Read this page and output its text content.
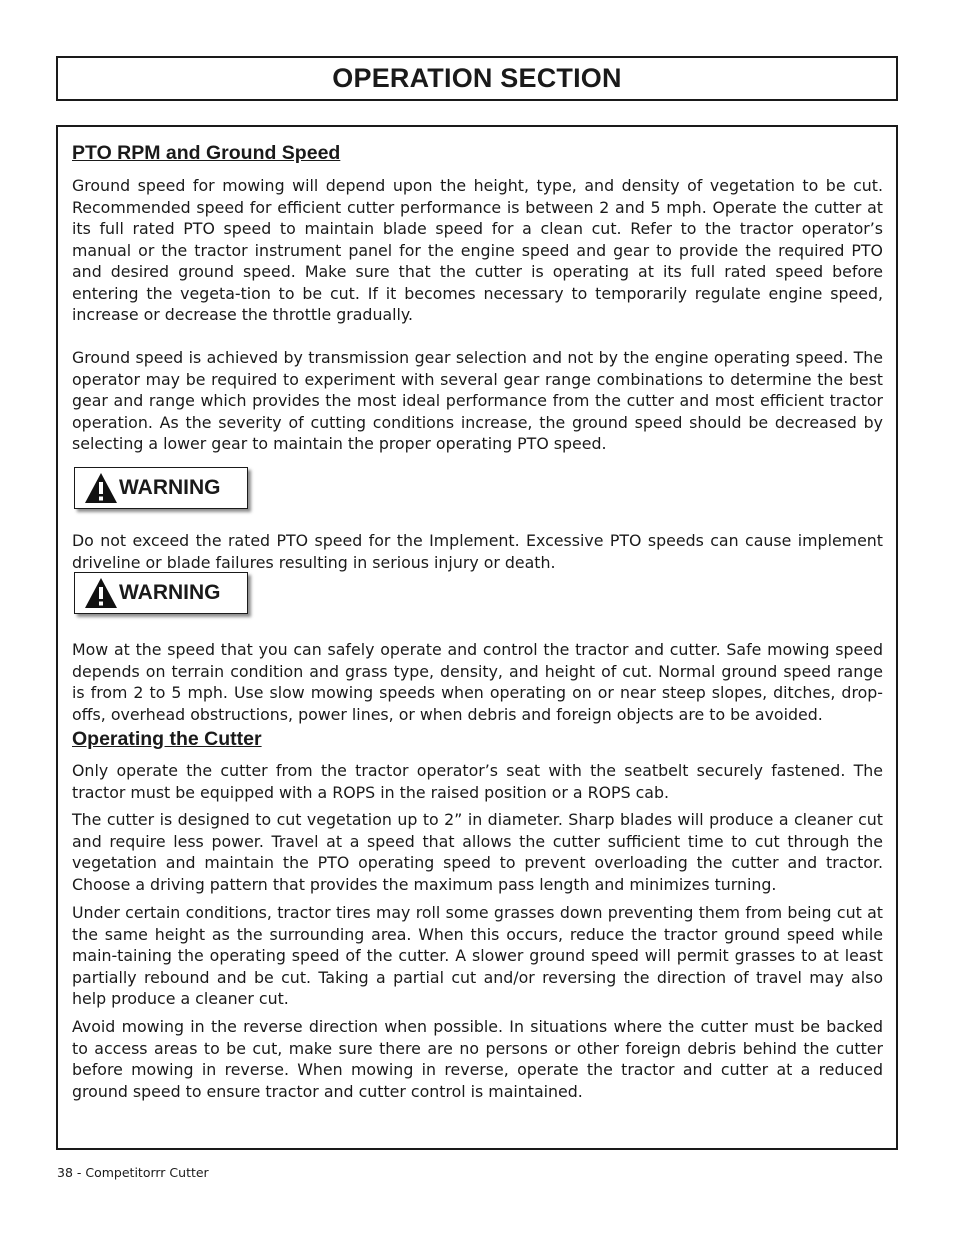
OPERATION SECTION
PTO RPM and Ground Speed

Ground speed for mowing will depend upon the height, type, and density of vegetation to be cut. Recommended speed for efficient cutter performance is between 2 and 5 mph. Operate the cutter at its full rated PTO speed to maintain blade speed for a clean cut. Refer to the tractor operator’s manual or the tractor instrument panel for the engine speed and gear to provide the required PTO and desired ground speed. Make sure that the cutter is operating at its full rated speed before entering the vegeta-tion to be cut. If it becomes necessary to temporarily regulate engine speed, increase or decrease the throttle gradually.

Ground speed is achieved by transmission gear selection and not by the engine operating speed. The operator may be required to experiment with several gear range combinations to determine the best gear and range which provides the most ideal performance from the cutter and most efficient tractor operation. As the severity of cutting conditions increase, the ground speed should be decreased by selecting a lower gear to maintain the proper operating PTO speed.

WARNING

Do not exceed the rated PTO speed for the Implement. Excessive PTO speeds can cause implement driveline or blade failures resulting in serious injury or death.

WARNING

Mow at the speed that you can safely operate and control the tractor and cutter. Safe mowing speed depends on terrain condition and grass type, density, and height of cut. Normal ground speed range is from 2 to 5 mph. Use slow mowing speeds when operating on or near steep slopes, ditches, drop-offs, overhead obstructions, power lines, or when debris and foreign objects are to be avoided.

Operating the Cutter

Only operate the cutter from the tractor operator’s seat with the seatbelt securely fastened. The tractor must be equipped with a ROPS in the raised position or a ROPS cab.

The cutter is designed to cut vegetation up to 2” in diameter. Sharp blades will produce a cleaner cut and require less power. Travel at a speed that allows the cutter sufficient time to cut through the vegetation and maintain the PTO operating speed to prevent overloading the cutter and tractor. Choose a driving pattern that provides the maximum pass length and minimizes turning.

Under certain conditions, tractor tires may roll some grasses down preventing them from being cut at the same height as the surrounding area. When this occurs, reduce the tractor ground speed while main-taining the operating speed of the cutter. A slower ground speed will permit grasses to at least partially rebound and be cut. Taking a partial cut and/or reversing the direction of travel may also help produce a cleaner cut.

Avoid mowing in the reverse direction when possible. In situations where the cutter must be backed to access areas to be cut, make sure there are no persons or other foreign debris behind the cutter before mowing in reverse. When mowing in reverse, operate the tractor and cutter at a reduced ground speed to ensure tractor and cutter control is maintained.

38 - Competitorrr Cutter
